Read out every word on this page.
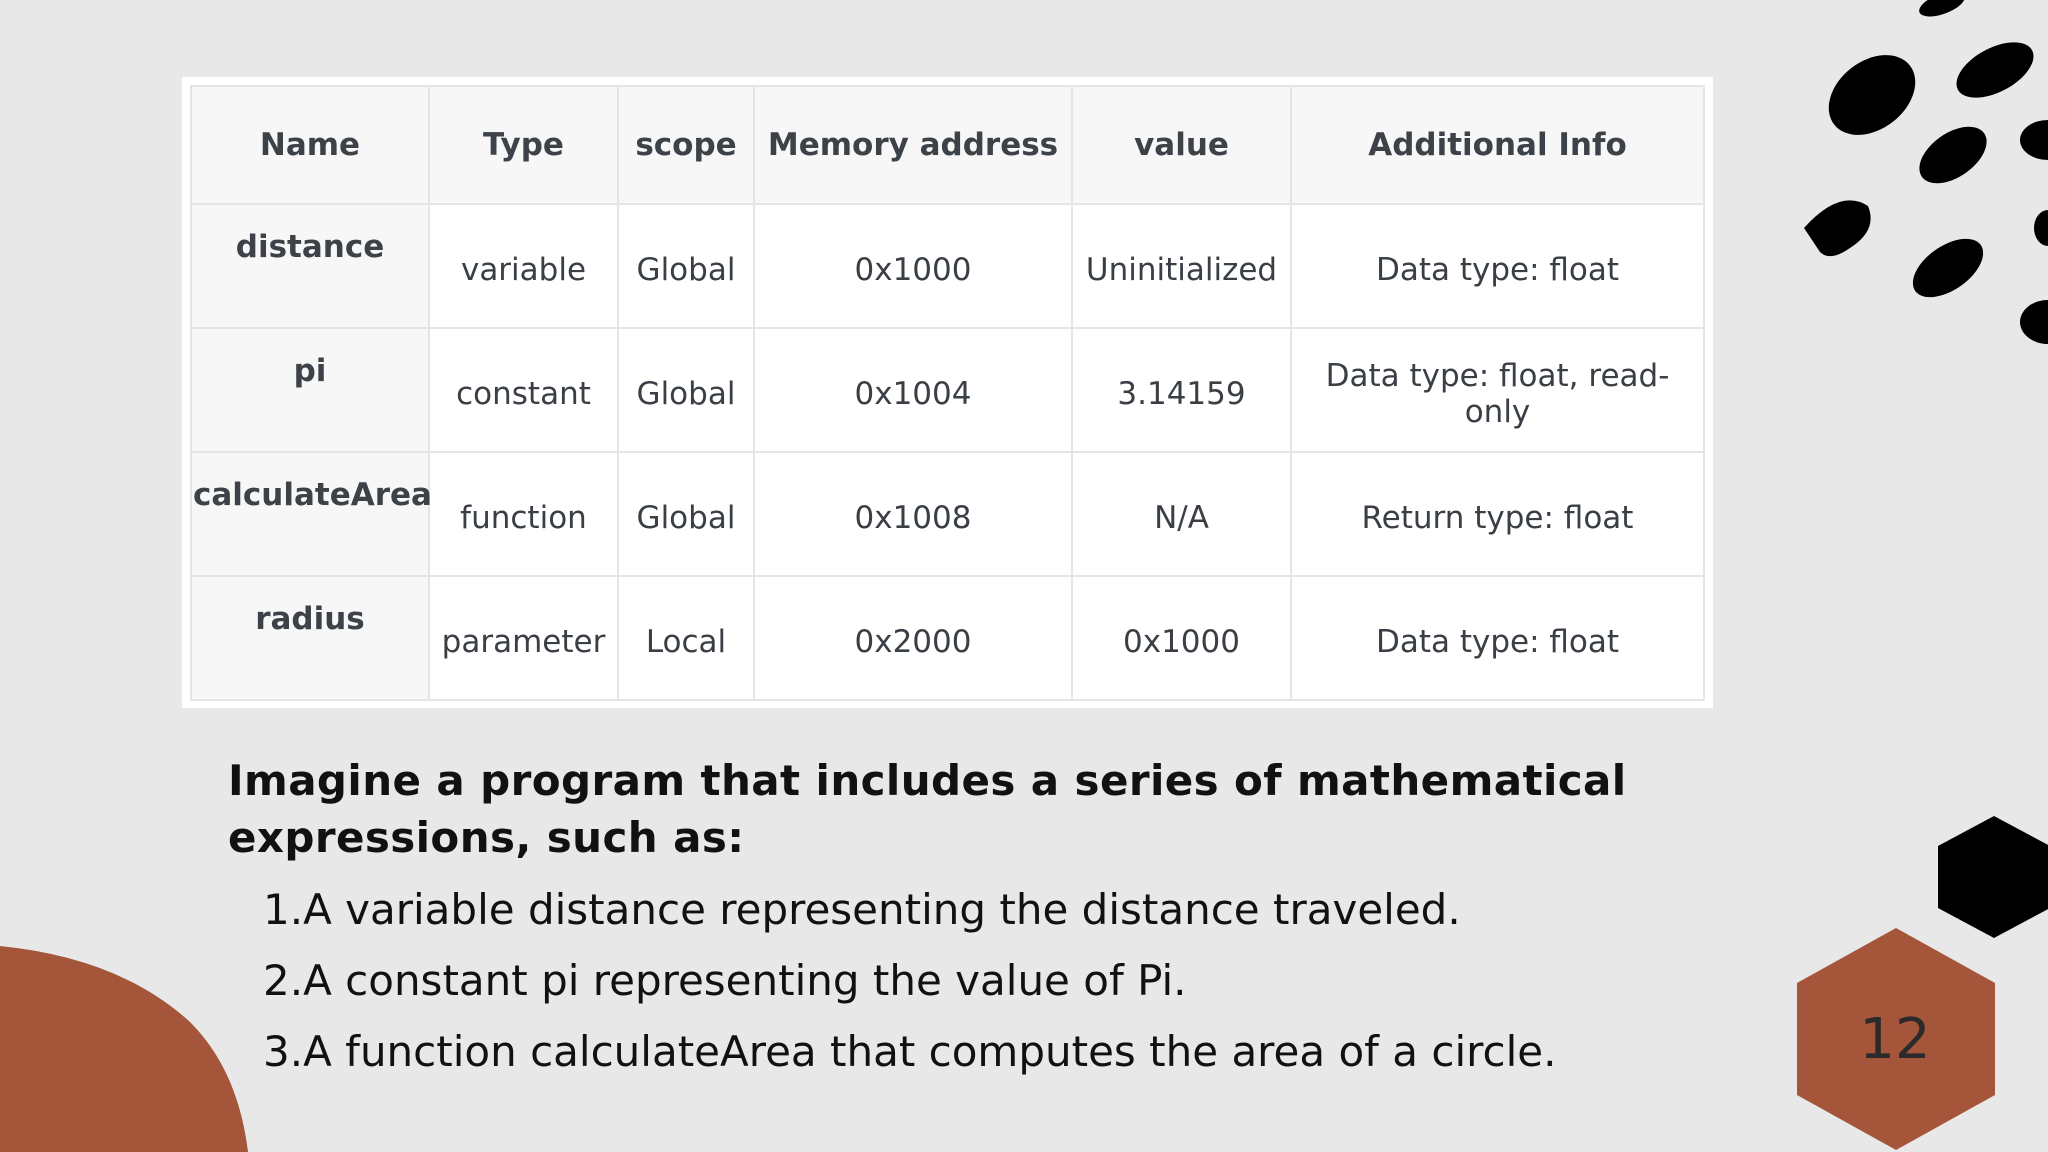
12
Name	Type	scope	Memory address	value	Additional Info
distance	variable	Global	0x1000	Uninitialized	Data type: float
pi	constant	Global	0x1004	3.14159	Data type: float, read-only
calculateArea	function	Global	0x1008	N/A	Return type: float
radius	parameter	Local	0x2000	0x1000	Data type: float

Imagine a program that includes a series of mathematical expressions, such as:

1.A variable distance representing the distance traveled.
2.A constant pi representing the value of Pi.
3.A function calculateArea that computes the area of a circle.
